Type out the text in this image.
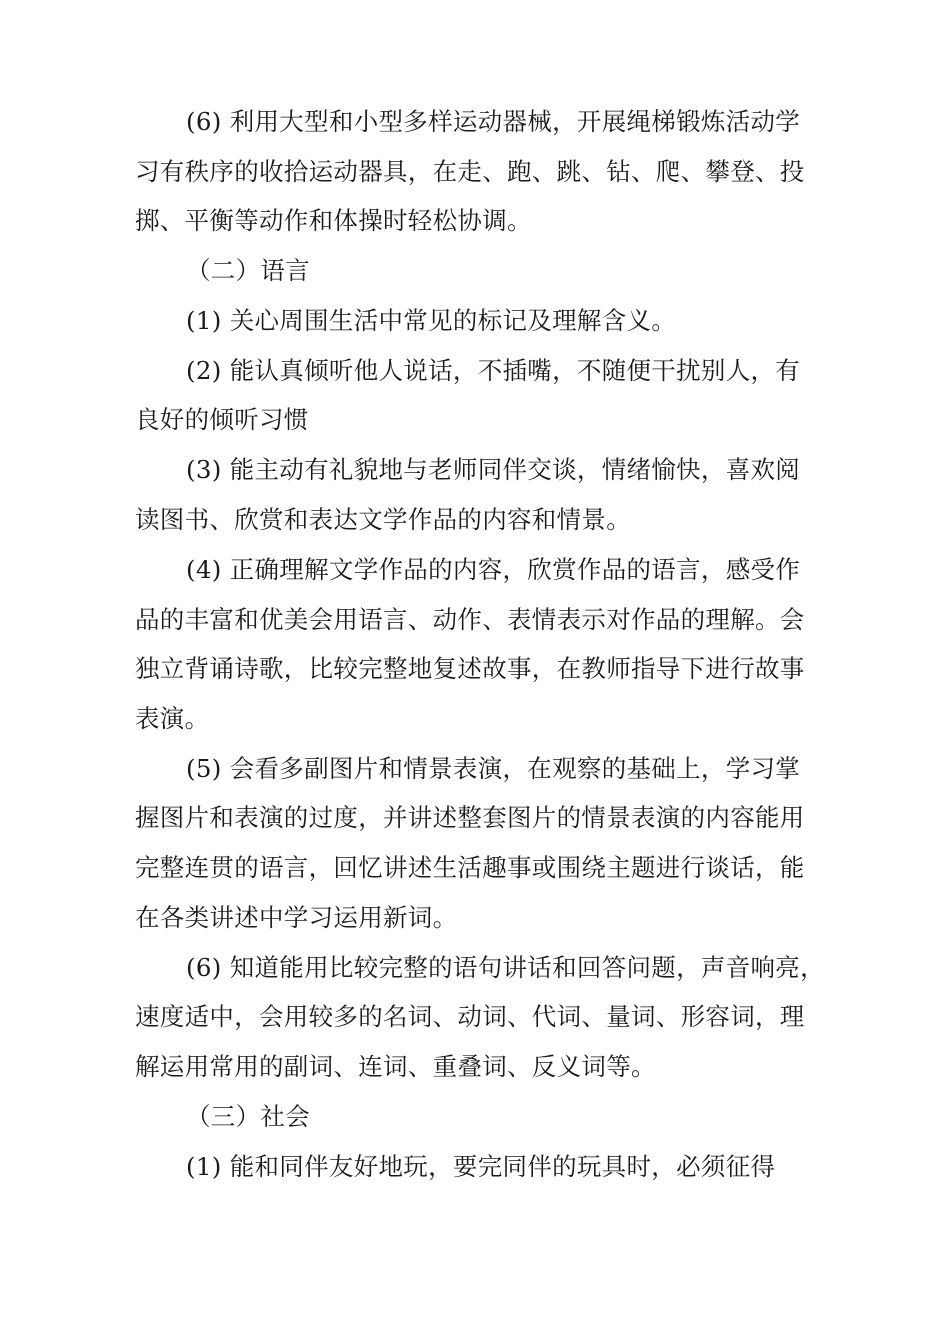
(6) 利用大型和小型多样运动器械，开展绳梯锻炼活动学
习有秩序的收拾运动器具，在走、跑、跳、钻、爬、攀登、投
掷、平衡等动作和体操时轻松协调。
（二）语言
(1) 关心周围生活中常见的标记及理解含义。
(2) 能认真倾听他人说话，不插嘴，不随便干扰别人，有
良好的倾听习惯
(3) 能主动有礼貌地与老师同伴交谈，情绪愉快，喜欢阅
读图书、欣赏和表达文学作品的内容和情景。
(4) 正确理解文学作品的内容，欣赏作品的语言，感受作
品的丰富和优美会用语言、动作、表情表示对作品的理解。会
独立背诵诗歌，比较完整地复述故事，在教师指导下进行故事
表演。
(5) 会看多副图片和情景表演，在观察的基础上，学习掌
握图片和表演的过度，并讲述整套图片的情景表演的内容能用
完整连贯的语言，回忆讲述生活趣事或围绕主题进行谈话，能
在各类讲述中学习运用新词。
(6) 知道能用比较完整的语句讲话和回答问题，声音响亮，
速度适中，会用较多的名词、动词、代词、量词、形容词，理
解运用常用的副词、连词、重叠词、反义词等。
（三）社会
(1) 能和同伴友好地玩，要完同伴的玩具时，必须征得
